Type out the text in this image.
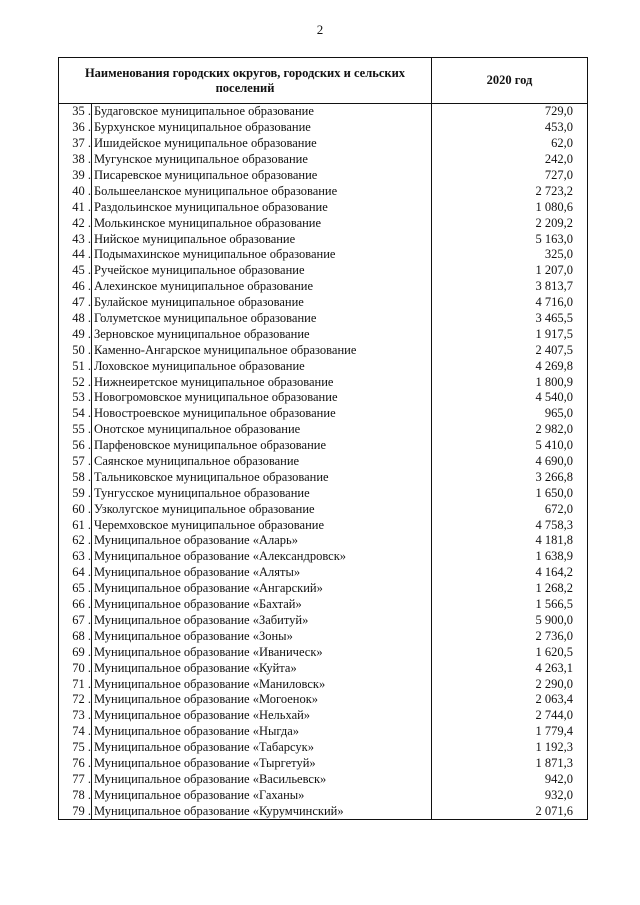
2
Наименования городских округов, городских и сельских поселений		2020 год
35 .	Будаговское муниципальное образование	729,0
36 .	Бурхунское муниципальное образование	453,0
37 .	Ишидейское муниципальное образование	62,0
38 .	Мугунское муниципальное образование	242,0
39 .	Писаревское муниципальное образование	727,0
40 .	Большееланское муниципальное образование	2 723,2
41 .	Раздольинское муниципальное образование	1 080,6
42 .	Молькинское муниципальное образование	2 209,2
43 .	Нийское муниципальное образование	5 163,0
44 .	Подымахинское муниципальное образование	325,0
45 .	Ручейское муниципальное образование	1 207,0
46 .	Алехинское муниципальное образование	3 813,7
47 .	Булайское муниципальное образование	4 716,0
48 .	Голуметское муниципальное образование	3 465,5
49 .	Зерновское муниципальное образование	1 917,5
50 .	Каменно-Ангарское муниципальное образование	2 407,5
51 .	Лоховское муниципальное образование	4 269,8
52 .	Нижнеиретское муниципальное образование	1 800,9
53 .	Новогромовское муниципальное образование	4 540,0
54 .	Новостроевское муниципальное образование	965,0
55 .	Онотское муниципальное образование	2 982,0
56 .	Парфеновское муниципальное образование	5 410,0
57 .	Саянское муниципальное образование	4 690,0
58 .	Тальниковское муниципальное образование	3 266,8
59 .	Тунгусское муниципальное образование	1 650,0
60 .	Узколугское муниципальное образование	672,0
61 .	Черемховское муниципальное образование	4 758,3
62 .	Муниципальное образование «Аларь»	4 181,8
63 .	Муниципальное образование «Александровск»	1 638,9
64 .	Муниципальное образование «Аляты»	4 164,2
65 .	Муниципальное образование «Ангарский»	1 268,2
66 .	Муниципальное образование «Бахтай»	1 566,5
67 .	Муниципальное образование «Забитуй»	5 900,0
68 .	Муниципальное образование «Зоны»	2 736,0
69 .	Муниципальное образование «Иваническ»	1 620,5
70 .	Муниципальное образование «Куйта»	4 263,1
71 .	Муниципальное образование «Маниловск»	2 290,0
72 .	Муниципальное образование «Могоенок»	2 063,4
73 .	Муниципальное образование «Нельхай»	2 744,0
74 .	Муниципальное образование «Ныгда»	1 779,4
75 .	Муниципальное образование «Табарсук»	1 192,3
76 .	Муниципальное образование «Тыргетуй»	1 871,3
77 .	Муниципальное образование «Васильевск»	942,0
78 .	Муниципальное образование «Гаханы»	932,0
79 .	Муниципальное образование «Курумчинский»	2 071,6
